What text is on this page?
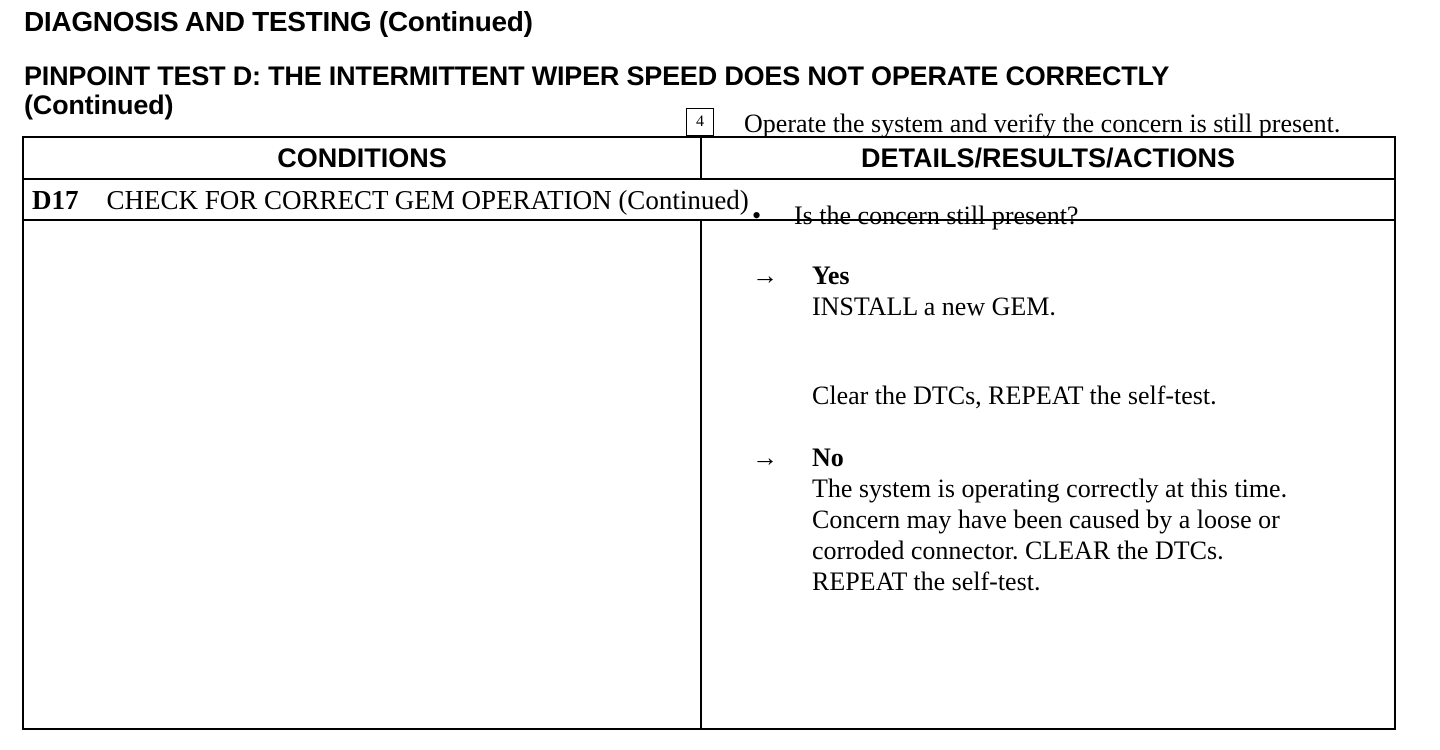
DIAGNOSIS AND TESTING (Continued)
PINPOINT TEST D: THE INTERMITTENT WIPER SPEED DOES NOT OPERATE CORRECTLY
(Continued)
CONDITIONS	DETAILS/RESULTS/ACTIONS
D17 CHECK FOR CORRECT GEM OPERATION (Continued)
4	Operate the system and verify the concern is still present.
• Is the concern still present?
→ Yes
INSTALL a new GEM.
Clear the DTCs, REPEAT the self-test.
→ No
The system is operating correctly at this time.
Concern may have been caused by a loose or
corroded connector. CLEAR the DTCs.
REPEAT the self-test.
